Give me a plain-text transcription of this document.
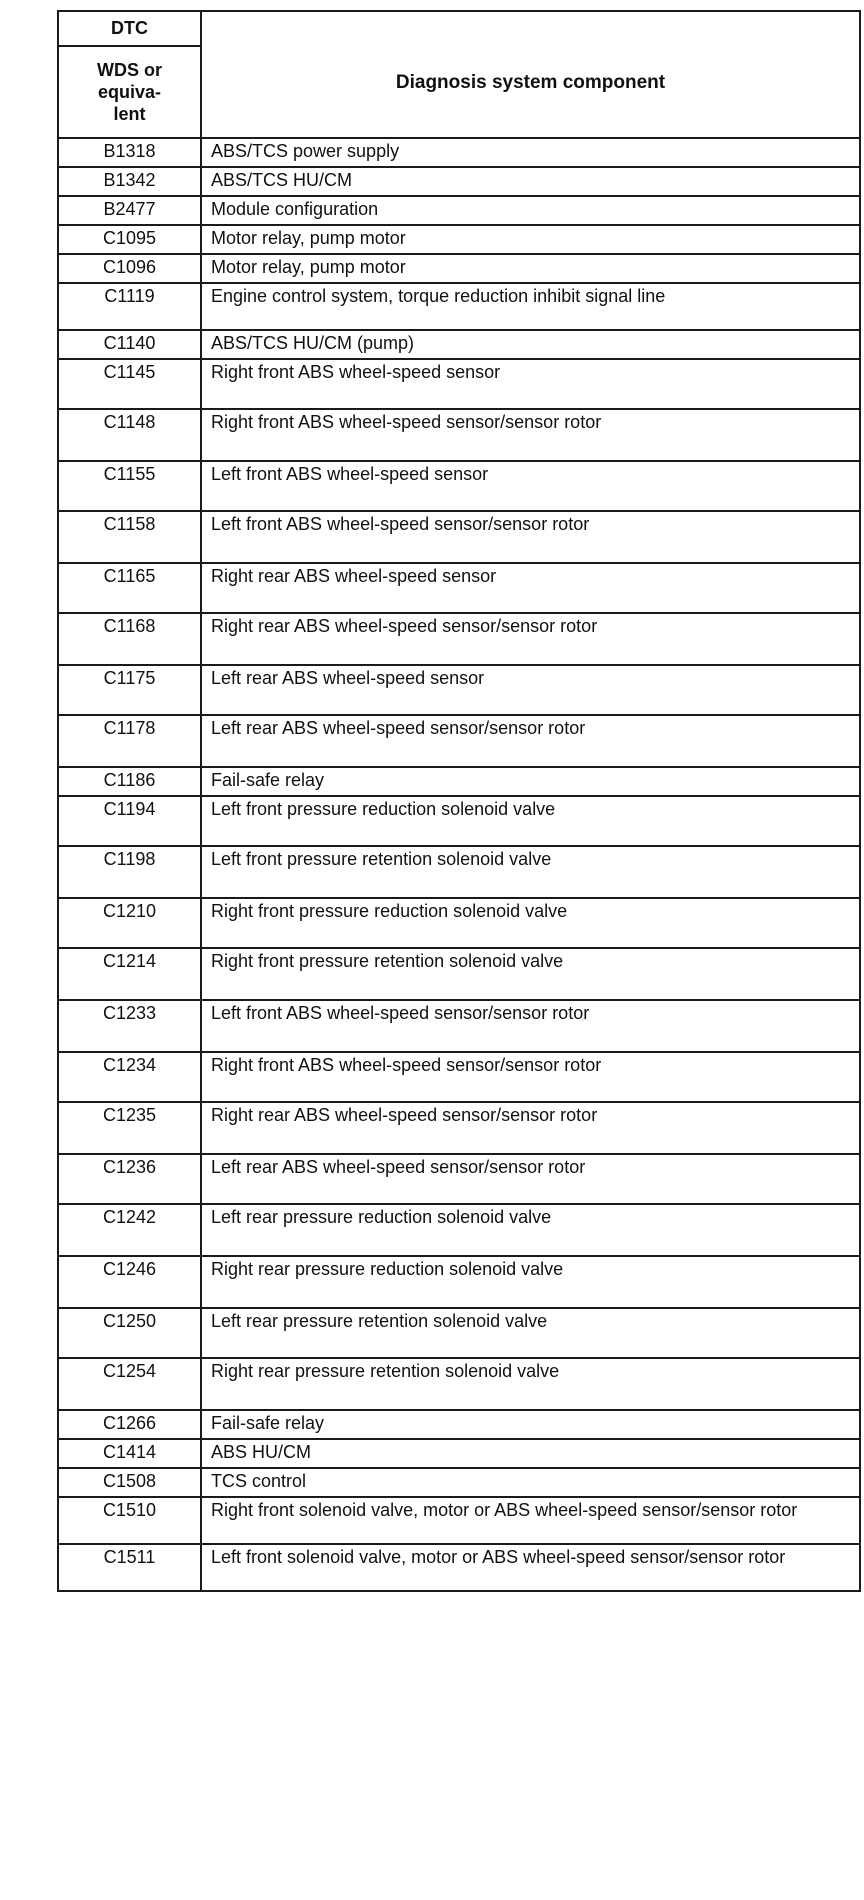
DTC	Diagnosis system component
WDS or
equiva-
lent	
B1318	ABS/TCS power supply
B1342	ABS/TCS HU/CM
B2477	Module configuration
C1095	Motor relay, pump motor
C1096	Motor relay, pump motor
C1119	Engine control system, torque reduction inhibit signal line
C1140	ABS/TCS HU/CM (pump)
C1145	Right front ABS wheel-speed sensor
C1148	Right front ABS wheel-speed sensor/sensor rotor
C1155	Left front ABS wheel-speed sensor
C1158	Left front ABS wheel-speed sensor/sensor rotor
C1165	Right rear ABS wheel-speed sensor
C1168	Right rear ABS wheel-speed sensor/sensor rotor
C1175	Left rear ABS wheel-speed sensor
C1178	Left rear ABS wheel-speed sensor/sensor rotor
C1186	Fail-safe relay
C1194	Left front pressure reduction solenoid valve
C1198	Left front pressure retention solenoid valve
C1210	Right front pressure reduction solenoid valve
C1214	Right front pressure retention solenoid valve
C1233	Left front ABS wheel-speed sensor/sensor rotor
C1234	Right front ABS wheel-speed sensor/sensor rotor
C1235	Right rear ABS wheel-speed sensor/sensor rotor
C1236	Left rear ABS wheel-speed sensor/sensor rotor
C1242	Left rear pressure reduction solenoid valve
C1246	Right rear pressure reduction solenoid valve
C1250	Left rear pressure retention solenoid valve
C1254	Right rear pressure retention solenoid valve
C1266	Fail-safe relay
C1414	ABS HU/CM
C1508	TCS control
C1510	Right front solenoid valve, motor or ABS wheel-speed sensor/sensor rotor
C1511	Left front solenoid valve, motor or ABS wheel-speed sensor/sensor rotor
